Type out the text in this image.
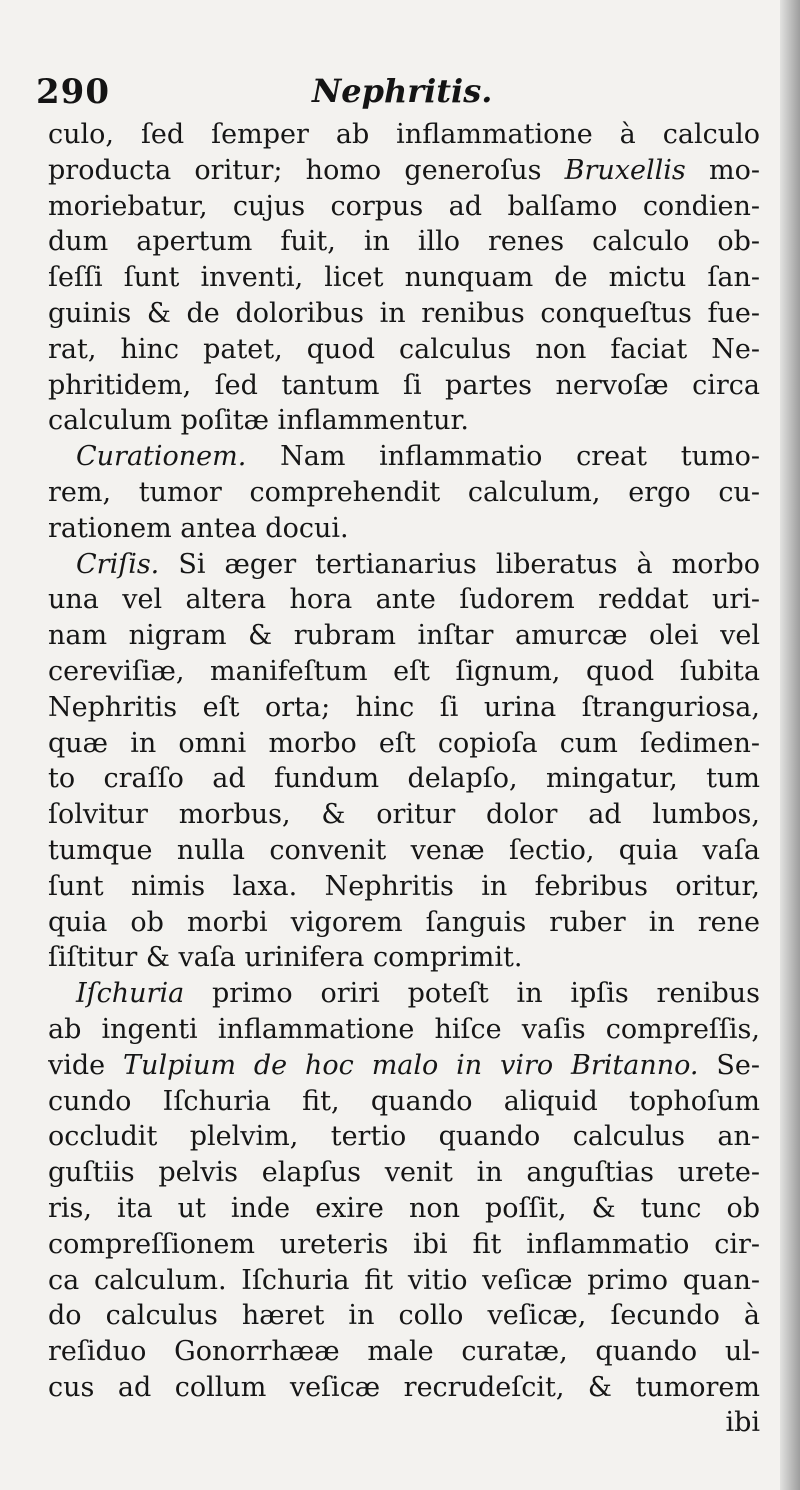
290	Nephritis.
culo, ſed ſemper ab inflammatione à calculo
producta oritur; homo generoſus Bruxellis mo-
moriebatur, cujus corpus ad balſamo condien-
dum apertum fuit, in illo renes calculo ob-
ſeſſi ſunt inventi, licet nunquam de mictu ſan-
guinis & de doloribus in renibus conqueſtus fue-
rat, hinc patet, quod calculus non faciat Ne-
phritidem, ſed tantum ſi partes nervoſæ circa
calculum poſitæ inflammentur.
Curationem. Nam inflammatio creat tumo-
rem, tumor comprehendit calculum, ergo cu-
rationem antea docui.
Criſis. Si æger tertianarius liberatus à morbo
una vel altera hora ante ſudorem reddat uri-
nam nigram & rubram inſtar amurcæ olei vel
cereviſiæ, manifeſtum eſt ſignum, quod ſubita
Nephritis eſt orta; hinc ſi urina ſtranguriosa,
quæ in omni morbo eſt copioſa cum ſedimen-
to craſſo ad fundum delapſo, mingatur, tum
ſolvitur morbus, & oritur dolor ad lumbos,
tumque nulla convenit venæ ſectio, quia vaſa
ſunt nimis laxa. Nephritis in febribus oritur,
quia ob morbi vigorem ſanguis ruber in rene
ſiſtitur & vaſa urinifera comprimit.
Iſchuria primo oriri poteſt in ipſis renibus
ab ingenti inflammatione hiſce vaſis compreſſis,
vide Tulpium de hoc malo in viro Britanno. Se-
cundo Iſchuria fit, quando aliquid tophoſum
occludit plelvim, tertio quando calculus an-
guſtiis pelvis elapſus venit in anguſtias urete-
ris, ita ut inde exire non poſſit, & tunc ob
compreſſionem ureteris ibi fit inflammatio cir-
ca calculum. Iſchuria fit vitio veſicæ primo quan-
do calculus hæret in collo veſicæ, ſecundo à
reſiduo Gonorrhææ male curatæ, quando ul-
cus ad collum veſicæ recrudeſcit, & tumorem
ibi
